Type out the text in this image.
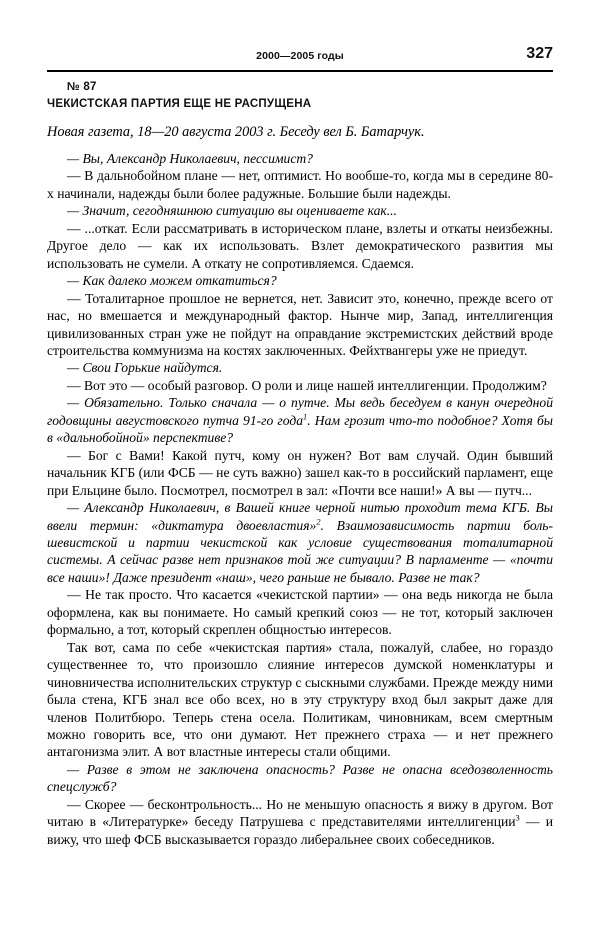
2000—2005 годы	327
№ 87
ЧЕКИСТСКАЯ ПАРТИЯ ЕЩЕ НЕ РАСПУЩЕНА
Новая газета, 18—20 августа 2003 г. Беседу вел Б. Батарчук.

— Вы, Александр Николаевич, пессимист?

— В дальнобойном плане — нет, оптимист. Но вообше-то, когда мы в середине 80-х начинали, надежды были более радужные. Большие были надежды.

— Значит, сегодняшнюю ситуацию вы оцениваете как...

— ...откат. Если рассматривать в историческом плане, взлеты и откаты неизбежны. Другое дело — как их использовать. Взлет демократического развития мы использовать не сумели. А откату не сопротивляемся. Сдаемся.

— Как далеко можем откатиться?

— Тоталитарное прошлое не вернется, нет. Зависит это, конечно, прежде всего от нас, но вмешается и международный фактор. Нынче мир, Запад, интеллигенция цивилизованных стран уже не пойдут на оправдание экстремистских действий вроде строительства коммунизма на костях заключенных. Фейхтвангеры уже не приедут.

— Свои Горькие найдутся.

— Вот это — особый разговор. О роли и лице нашей интеллигенции. Продолжим?

— Обязательно. Только сначала — о путче. Мы ведь беседуем в канун очередной годовщины августовского путча 91-го года$^1$. Нам грозит что-то подобное? Хотя бы в «дальнобойной» перспективе?

— Бог с Вами! Какой путч, кому он нужен? Вот вам случай. Один бывший начальник КГБ (или ФСБ — не суть важно) зашел как-то в российский парламент, еще при Ельцине было. Посмотрел, посмотрел в зал: «Почти все наши!» А вы — путч...

— Александр Николаевич, в Вашей книге черной нитью проходит тема КГБ. Вы ввели термин: «диктатура двоевластия»$^2$. Взаимозависимость партии большевистской и партии чекистской как условие существования тоталитарной системы. А сейчас разве нет признаков той же ситуации? В парламенте — «почти все наши»! Даже президент «наш», чего раньше не бывало. Разве не так?

— Не так просто. Что касается «чекистской партии» — она ведь никогда не была оформлена, как вы понимаете. Но самый крепкий союз — не тот, который заключен формально, а тот, который скреплен общностью интересов.

Так вот, сама по себе «чекистская партия» стала, пожалуй, слабее, но гораздо существеннее то, что произошло слияние интересов думской номенклатуры и чиновничества исполнительских структур с сыскными службами. Прежде между ними была стена, КГБ знал все обо всех, но в эту структуру вход был закрыт даже для членов Политбюро. Теперь стена осела. Политикам, чиновникам, всем смертным можно говорить все, что они думают. Нет прежнего страха — и нет прежнего антагонизма элит. А вот властные интересы стали общими.

— Разве в этом не заключена опасность? Разве не опасна вседозволенность спецслужб?

— Скорее — бесконтрольность... Но не меньшую опасность я вижу в другом. Вот читаю в «Литературке» беседу Патрушева с представителями интеллигенции$^3$ — и вижу, что шеф ФСБ высказывается гораздо либеральнее своих собеседников.
